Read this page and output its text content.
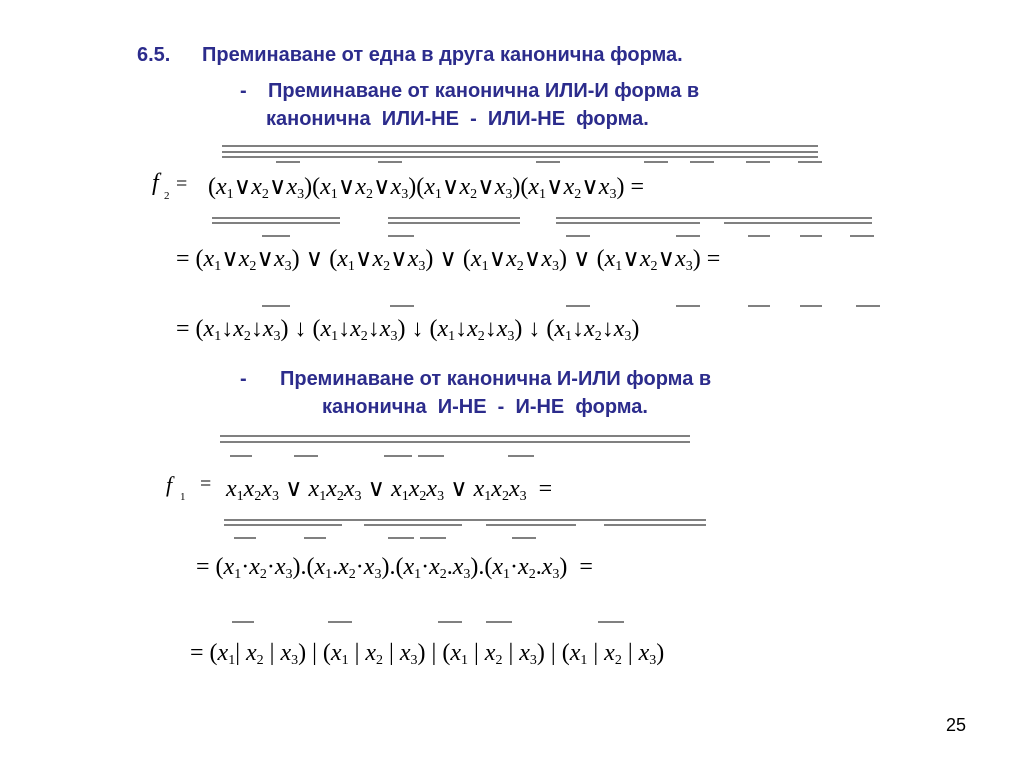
6.5. Преминаване от една в друга канонична форма.
- Преминаване от канонична ИЛИ-И форма в
канонична  ИЛИ-НЕ  -  ИЛИ-НЕ  форма.
- Преминаване от канонична И-ИЛИ форма в
канонична  И-НЕ  -  И-НЕ  форма.
f 2
= (x1∨x2∨x3)(x1∨x2∨x3)(x1∨x2∨x3)(x1∨x2∨x3) =
= (x1∨x2∨x3) ∨ (x1∨x2∨x3) ∨ (x1∨x2∨x3) ∨ (x1∨x2∨x3) =
= (x1↓x2↓x3) ↓ (x1↓x2↓x3) ↓ (x1↓x2↓x3) ↓ (x1↓x2↓x3)
f 1
= x1x2x3 ∨ x1x2x3 ∨ x1x2x3 ∨ x1x2x3  =
= (x1·x2·x3).(x1.x2·x3).(x1·x2.x3).(x1·x2.x3)  =
= (x1| x2 | x3) | (x1 | x2 | x3) | (x1 | x2 | x3) | (x1 | x2 | x3)
25
